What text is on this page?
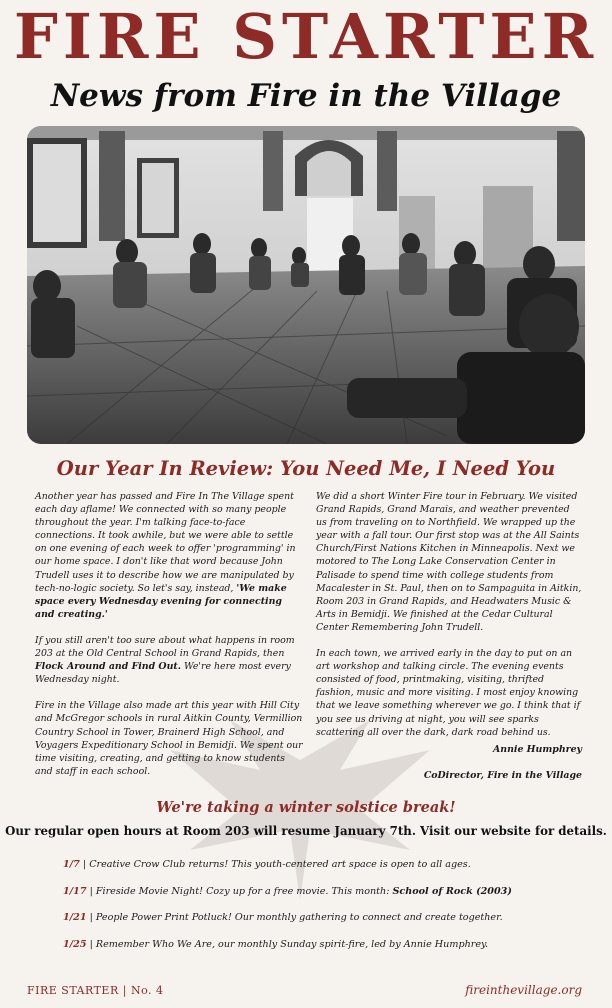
FIRE STARTER
News from Fire in the Village
Our Year In Review: You Need Me, I Need You

Another year has passed and Fire In The Village spent each day aflame! We connected with so many people throughout the year. I'm talking face-to-face connections. It took awhile, but we were able to settle on one evening of each week to offer 'programming' in our home space. I don't like that word because John Trudell uses it to describe how we are manipulated by tech-no-logic society. So let's say, instead, 'We make space every Wednesday evening for connecting and creating.'

If you still aren't too sure about what happens in room 203 at the Old Central School in Grand Rapids, then Flock Around and Find Out. We're here most every Wednesday night.

Fire in the Village also made art this year with Hill City and McGregor schools in rural Aitkin County, Vermillion Country School in Tower, Brainerd High School, and Voyagers Expeditionary School in Bemidji. We spent our time visiting, creating, and getting to know students and staff in each school.

We did a short Winter Fire tour in February. We visited Grand Rapids, Grand Marais, and weather prevented us from traveling on to Northfield. We wrapped up the year with a fall tour. Our first stop was at the All Saints Church/First Nations Kitchen in Minneapolis. Next we motored to The Long Lake Conservation Center in Palisade to spend time with college students from Macalester in St. Paul, then on to Sampaguita in Aitkin, Room 203 in Grand Rapids, and Headwaters Music & Arts in Bemidji. We finished at the Cedar Cultural Center Remembering John Trudell.

In each town, we arrived early in the day to put on an art workshop and talking circle. The evening events consisted of food, printmaking, visiting, thrifted fashion, music and more visiting. I most enjoy knowing that we leave something wherever we go. I think that if you see us driving at night, you will see sparks scattering all over the dark, dark road behind us.

Annie Humphrey

CoDirector, Fire in the Village

We're taking a winter solstice break!
Our regular open hours at Room 203 will resume January 7th. Visit our website for details.
1/7 | Creative Crow Club returns! This youth-centered art space is open to all ages.
1/17 | Fireside Movie Night! Cozy up for a free movie. This month: School of Rock (2003)
1/21 | People Power Print Potluck! Our monthly gathering to connect and create together.
1/25 | Remember Who We Are, our monthly Sunday spirit-fire, led by Annie Humphrey.
FIRE STARTER | No. 4	fireinthevillage.org
